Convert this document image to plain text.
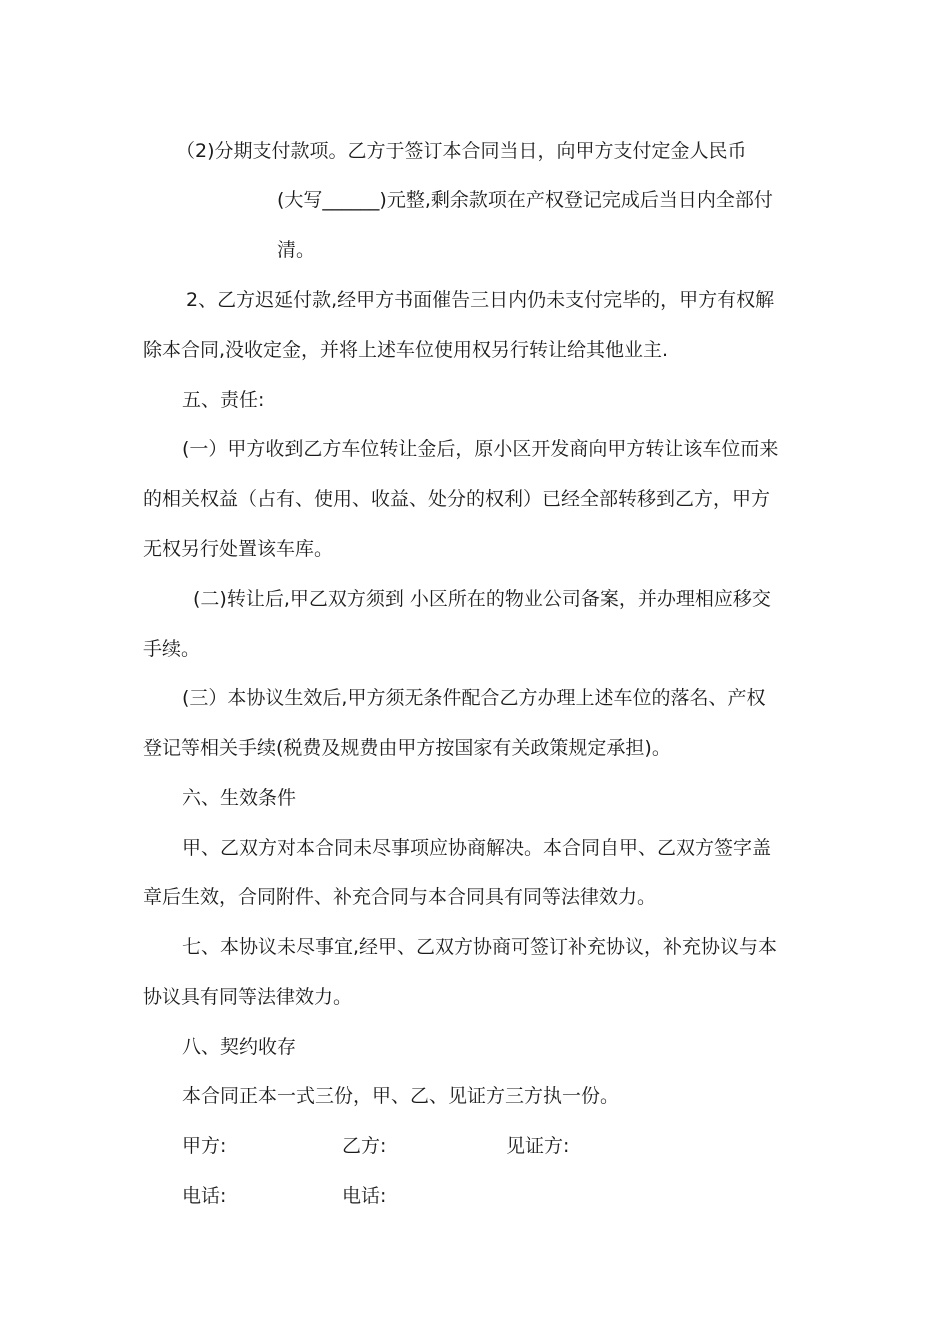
（2)分期支付款项。乙方于签订本合同当日，向甲方支付定金人民币
(大写______)元整,剩余款项在产权登记完成后当日内全部付
清。
2、乙方迟延付款,经甲方书面催告三日内仍未支付完毕的，甲方有权解
除本合同,没收定金，并将上述车位使用权另行转让给其他业主.
五、责任:
(一）甲方收到乙方车位转让金后，原小区开发商向甲方转让该车位而来
的相关权益（占有、使用、收益、处分的权利）已经全部转移到乙方，甲方
无权另行处置该车库。
(二)转让后,甲乙双方须到 小区所在的物业公司备案，并办理相应移交
手续。
(三）本协议生效后,甲方须无条件配合乙方办理上述车位的落名、产权
登记等相关手续(税费及规费由甲方按国家有关政策规定承担)。
六、生效条件
甲、乙双方对本合同未尽事项应协商解决。本合同自甲、乙双方签字盖
章后生效，合同附件、补充合同与本合同具有同等法律效力。
七、本协议未尽事宜,经甲、乙双方协商可签订补充协议，补充协议与本
协议具有同等法律效力。
八、契约收存
本合同正本一式三份，甲、乙、见证方三方执一份。
甲方:	乙方:	见证方:
电话:	电话:
